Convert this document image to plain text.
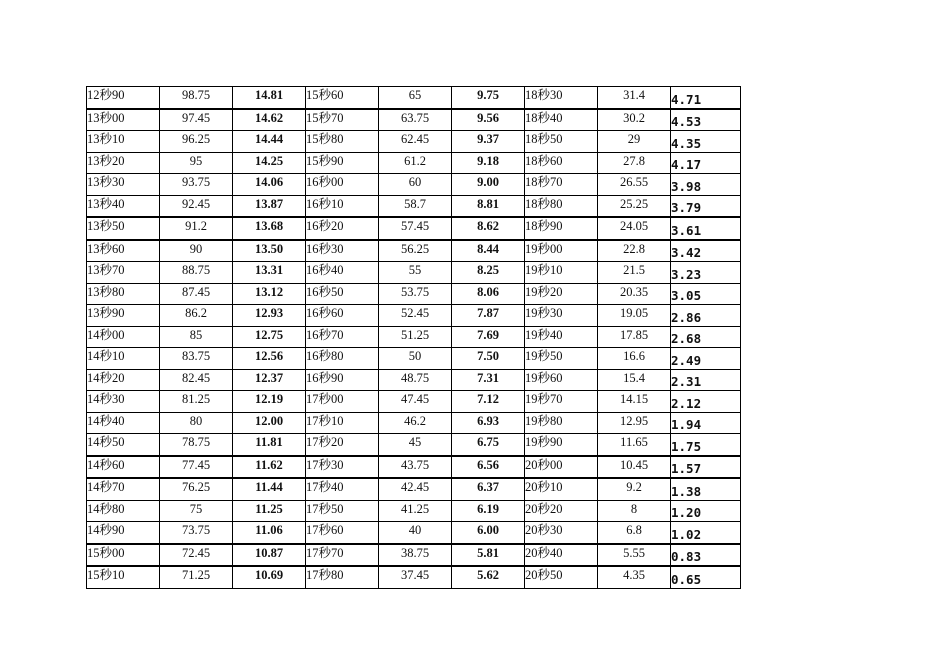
12秒90	98.75	14.81	15秒60	65	9.75	18秒30	31.4	4.71
13秒00	97.45	14.62	15秒70	63.75	9.56	18秒40	30.2	4.53
13秒10	96.25	14.44	15秒80	62.45	9.37	18秒50	29	4.35
13秒20	95	14.25	15秒90	61.2	9.18	18秒60	27.8	4.17
13秒30	93.75	14.06	16秒00	60	9.00	18秒70	26.55	3.98
13秒40	92.45	13.87	16秒10	58.7	8.81	18秒80	25.25	3.79
13秒50	91.2	13.68	16秒20	57.45	8.62	18秒90	24.05	3.61
13秒60	90	13.50	16秒30	56.25	8.44	19秒00	22.8	3.42
13秒70	88.75	13.31	16秒40	55	8.25	19秒10	21.5	3.23
13秒80	87.45	13.12	16秒50	53.75	8.06	19秒20	20.35	3.05
13秒90	86.2	12.93	16秒60	52.45	7.87	19秒30	19.05	2.86
14秒00	85	12.75	16秒70	51.25	7.69	19秒40	17.85	2.68
14秒10	83.75	12.56	16秒80	50	7.50	19秒50	16.6	2.49
14秒20	82.45	12.37	16秒90	48.75	7.31	19秒60	15.4	2.31
14秒30	81.25	12.19	17秒00	47.45	7.12	19秒70	14.15	2.12
14秒40	80	12.00	17秒10	46.2	6.93	19秒80	12.95	1.94
14秒50	78.75	11.81	17秒20	45	6.75	19秒90	11.65	1.75
14秒60	77.45	11.62	17秒30	43.75	6.56	20秒00	10.45	1.57
14秒70	76.25	11.44	17秒40	42.45	6.37	20秒10	9.2	1.38
14秒80	75	11.25	17秒50	41.25	6.19	20秒20	8	1.20
14秒90	73.75	11.06	17秒60	40	6.00	20秒30	6.8	1.02
15秒00	72.45	10.87	17秒70	38.75	5.81	20秒40	5.55	0.83
15秒10	71.25	10.69	17秒80	37.45	5.62	20秒50	4.35	0.65
